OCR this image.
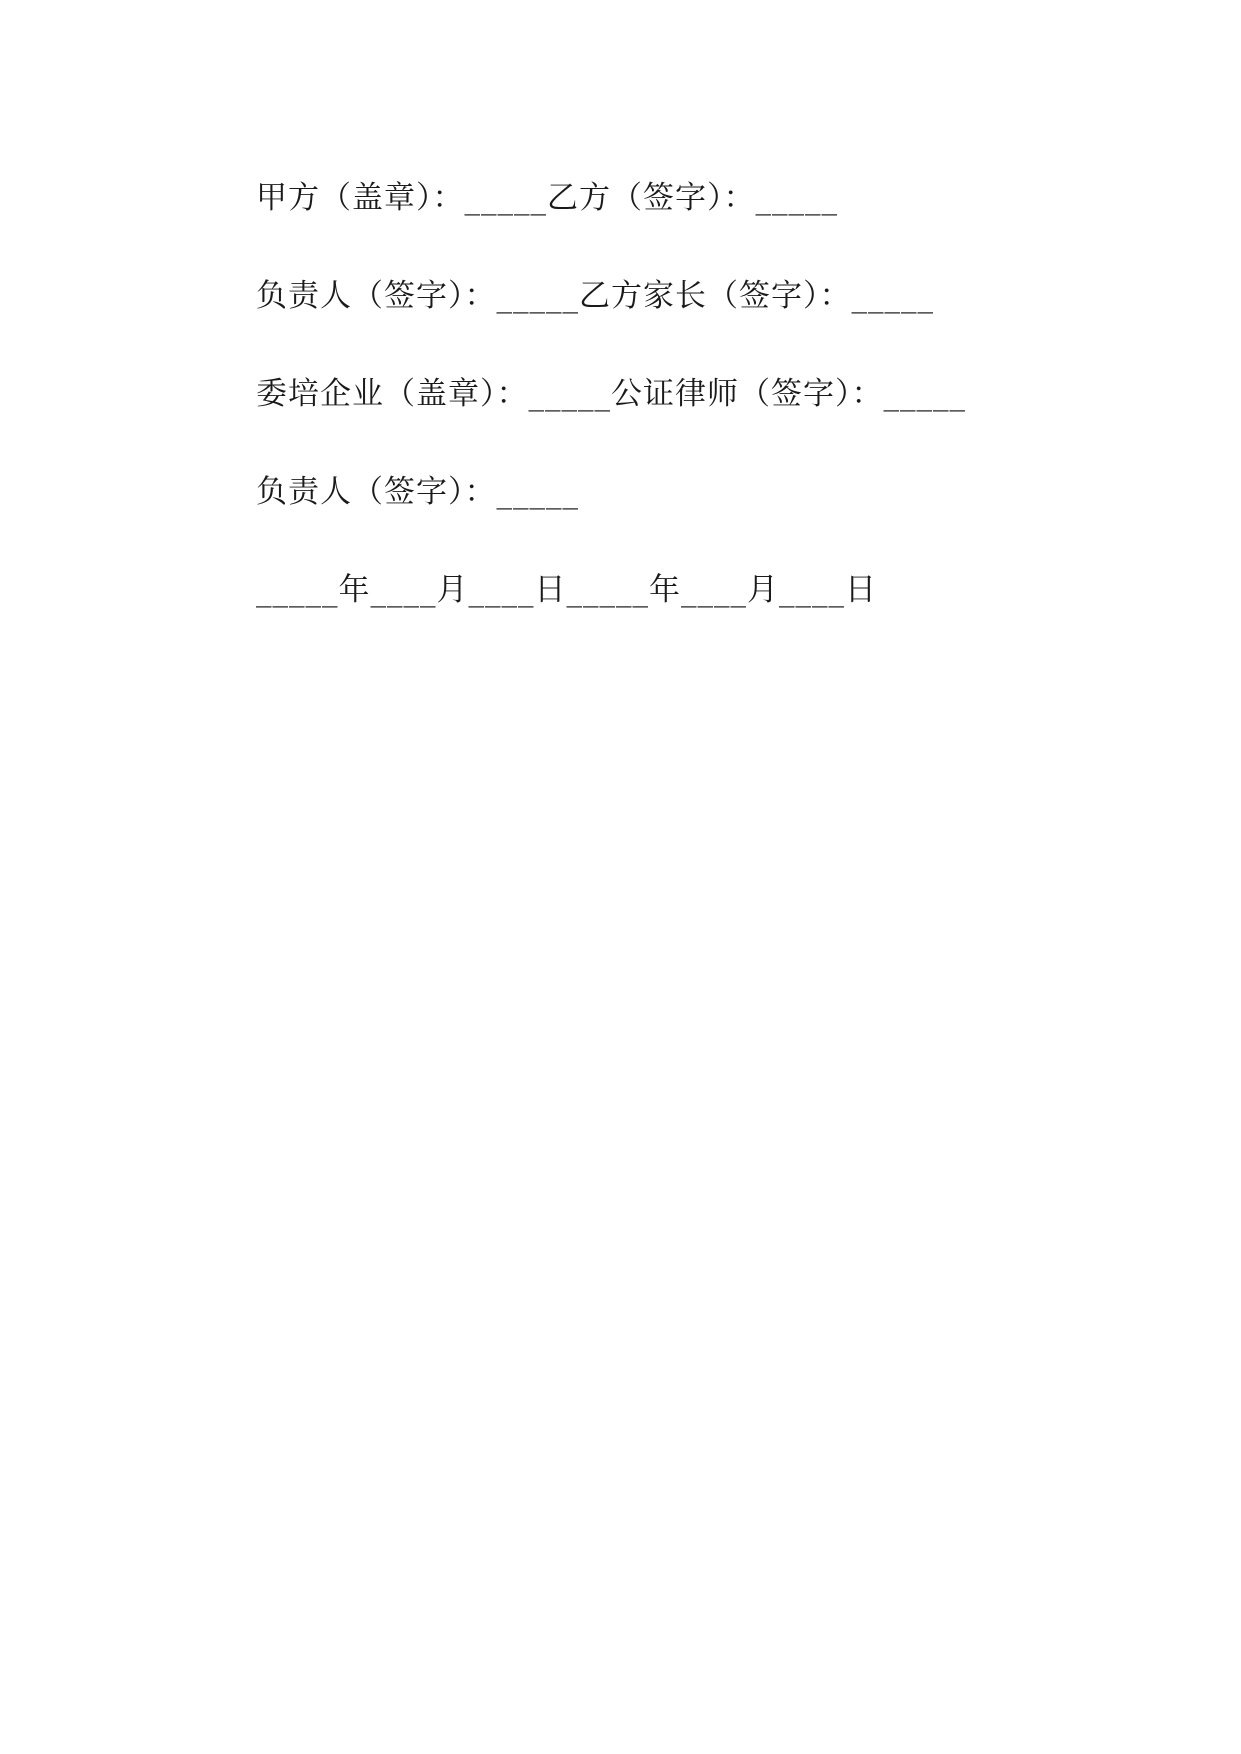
甲方（盖章）：_____乙方（签字）：_____
负责人（签字）：_____乙方家长（签字）：_____
委培企业（盖章）：_____公证律师（签字）：_____
负责人（签字）：_____
_____年____月____日_____年____月____日
